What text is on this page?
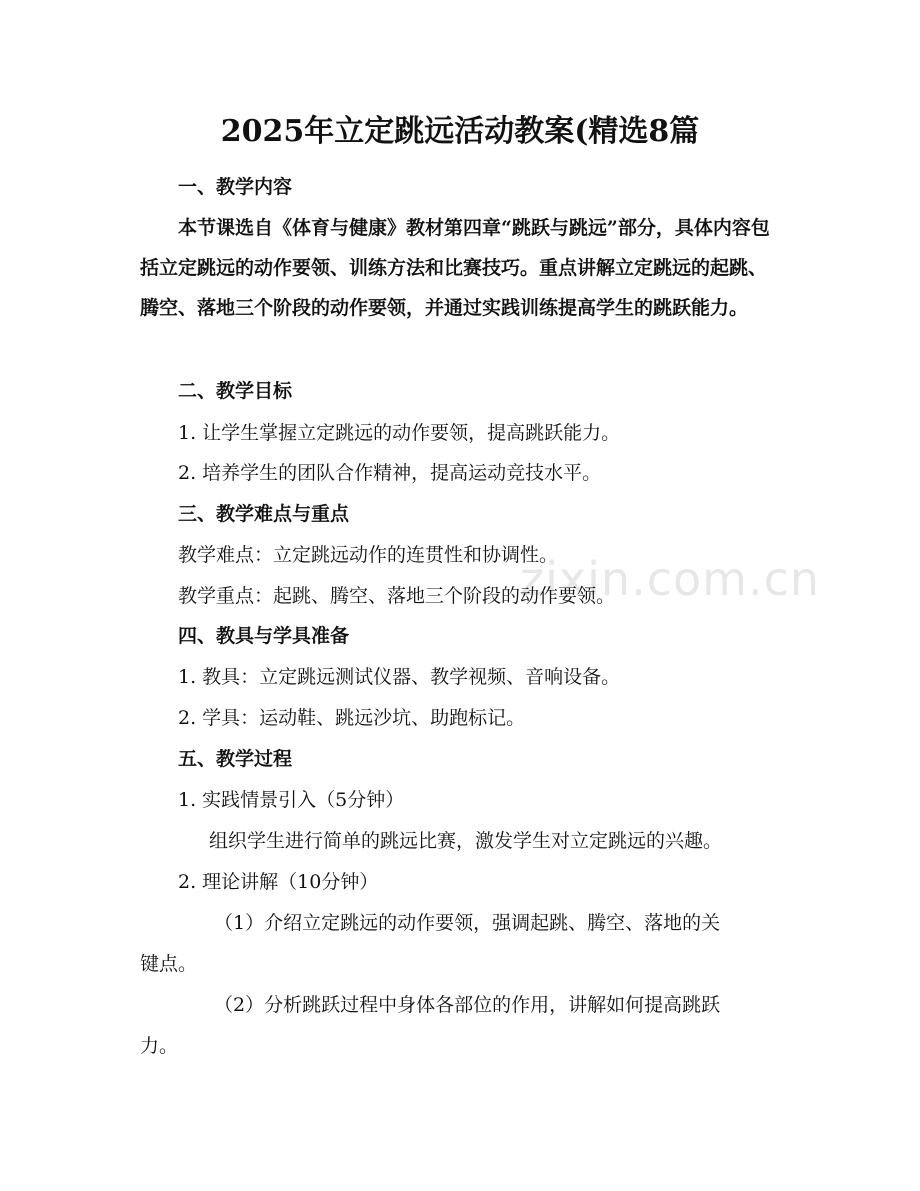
zixin.com.cn
2025年立定跳远活动教案(精选8篇
一、教学内容
本节课选自《体育与健康》教材第四章“跳跃与跳远”部分，具体内容包括立定跳远的动作要领、训练方法和比赛技巧。重点讲解立定跳远的起跳、腾空、落地三个阶段的动作要领，并通过实践训练提高学生的跳跃能力。
二、教学目标
1. 让学生掌握立定跳远的动作要领，提高跳跃能力。
2. 培养学生的团队合作精神，提高运动竞技水平。
三、教学难点与重点
教学难点：立定跳远动作的连贯性和协调性。
教学重点：起跳、腾空、落地三个阶段的动作要领。
四、教具与学具准备
1. 教具：立定跳远测试仪器、教学视频、音响设备。
2. 学具：运动鞋、跳远沙坑、助跑标记。
五、教学过程
1. 实践情景引入（5分钟）
组织学生进行简单的跳远比赛，激发学生对立定跳远的兴趣。
2. 理论讲解（10分钟）
（1）介绍立定跳远的动作要领，强调起跳、腾空、落地的关
键点。
（2）分析跳跃过程中身体各部位的作用，讲解如何提高跳跃
力。
